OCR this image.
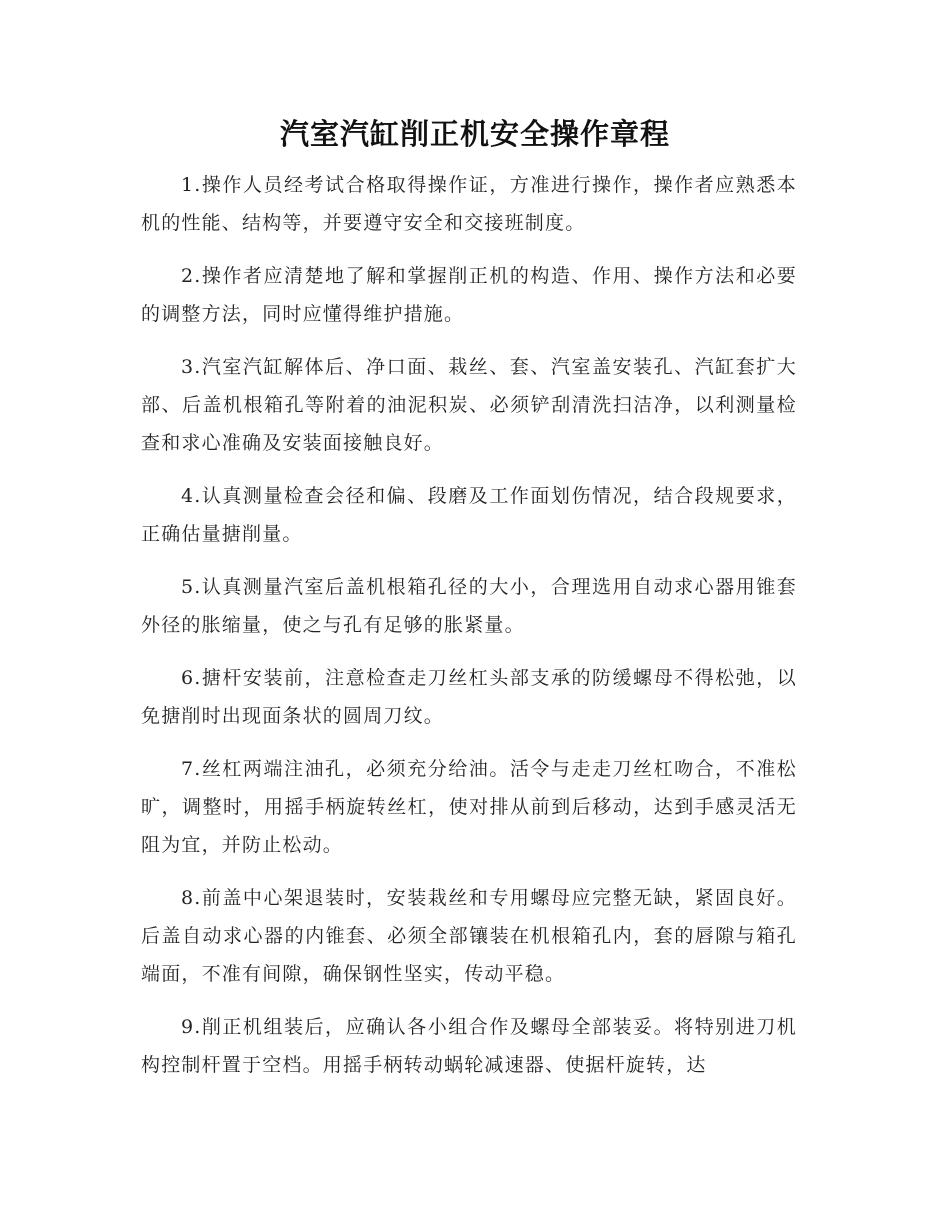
汽室汽缸削正机安全操作章程

1.操作人员经考试合格取得操作证，方准进行操作，操作者应熟悉本机的性能、结构等，并要遵守安全和交接班制度。

2.操作者应清楚地了解和掌握削正机的构造、作用、操作方法和必要的调整方法，同时应懂得维护措施。

3.汽室汽缸解体后、净口面、栽丝、套、汽室盖安装孔、汽缸套扩大部、后盖机根箱孔等附着的油泥积炭、必须铲刮清洗扫洁净，以利测量检查和求心准确及安装面接触良好。

4.认真测量检查会径和偏、段磨及工作面划伤情况，结合段规要求，正确估量搪削量。

5.认真测量汽室后盖机根箱孔径的大小，合理选用自动求心器用锥套外径的胀缩量，使之与孔有足够的胀紧量。

6.搪杆安装前，注意检查走刀丝杠头部支承的防缓螺母不得松弛，以免搪削时出现面条状的圆周刀纹。

7.丝杠两端注油孔，必须充分给油。活令与走走刀丝杠吻合，不准松旷，调整时，用摇手柄旋转丝杠，使对排从前到后移动，达到手感灵活无阻为宜，并防止松动。

8.前盖中心架退装时，安装栽丝和专用螺母应完整无缺，紧固良好。后盖自动求心器的内锥套、必须全部镶装在机根箱孔内，套的唇隙与箱孔端面，不准有间隙，确保钢性坚实，传动平稳。

9.削正机组装后，应确认各小组合作及螺母全部装妥。将特别进刀机构控制杆置于空档。用摇手柄转动蜗轮减速器、使据杆旋转，达
